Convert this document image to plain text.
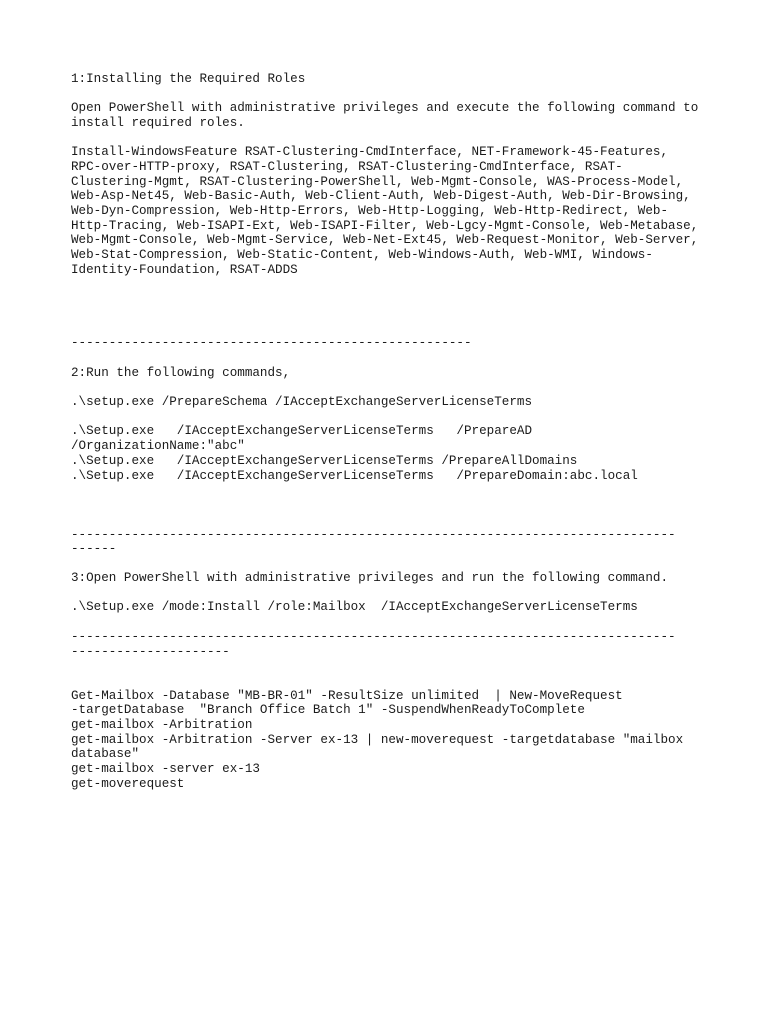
1:Installing the Required Roles

Open PowerShell with administrative privileges and execute the following command to

install required roles.

Install-WindowsFeature RSAT-Clustering-CmdInterface, NET-Framework-45-Features,

RPC-over-HTTP-proxy, RSAT-Clustering, RSAT-Clustering-CmdInterface, RSAT-

Clustering-Mgmt, RSAT-Clustering-PowerShell, Web-Mgmt-Console, WAS-Process-Model,

Web-Asp-Net45, Web-Basic-Auth, Web-Client-Auth, Web-Digest-Auth, Web-Dir-Browsing,

Web-Dyn-Compression, Web-Http-Errors, Web-Http-Logging, Web-Http-Redirect, Web-

Http-Tracing, Web-ISAPI-Ext, Web-ISAPI-Filter, Web-Lgcy-Mgmt-Console, Web-Metabase,

Web-Mgmt-Console, Web-Mgmt-Service, Web-Net-Ext45, Web-Request-Monitor, Web-Server,

Web-Stat-Compression, Web-Static-Content, Web-Windows-Auth, Web-WMI, Windows-

Identity-Foundation, RSAT-ADDS

-----------------------------------------------------

2:Run the following commands,

.\setup.exe /PrepareSchema /IAcceptExchangeServerLicenseTerms

.\Setup.exe   /IAcceptExchangeServerLicenseTerms   /PrepareAD

/OrganizationName:"abc"

.\Setup.exe   /IAcceptExchangeServerLicenseTerms /PrepareAllDomains

.\Setup.exe   /IAcceptExchangeServerLicenseTerms   /PrepareDomain:abc.local

--------------------------------------------------------------------------------

------

3:Open PowerShell with administrative privileges and run the following command.

.\Setup.exe /mode:Install /role:Mailbox  /IAcceptExchangeServerLicenseTerms

--------------------------------------------------------------------------------

---------------------

Get-Mailbox -Database "MB-BR-01" -ResultSize unlimited  | New-MoveRequest

-targetDatabase  "Branch Office Batch 1" -SuspendWhenReadyToComplete

get-mailbox -Arbitration

get-mailbox -Arbitration -Server ex-13 | new-moverequest -targetdatabase "mailbox

database"

get-mailbox -server ex-13

get-moverequest
